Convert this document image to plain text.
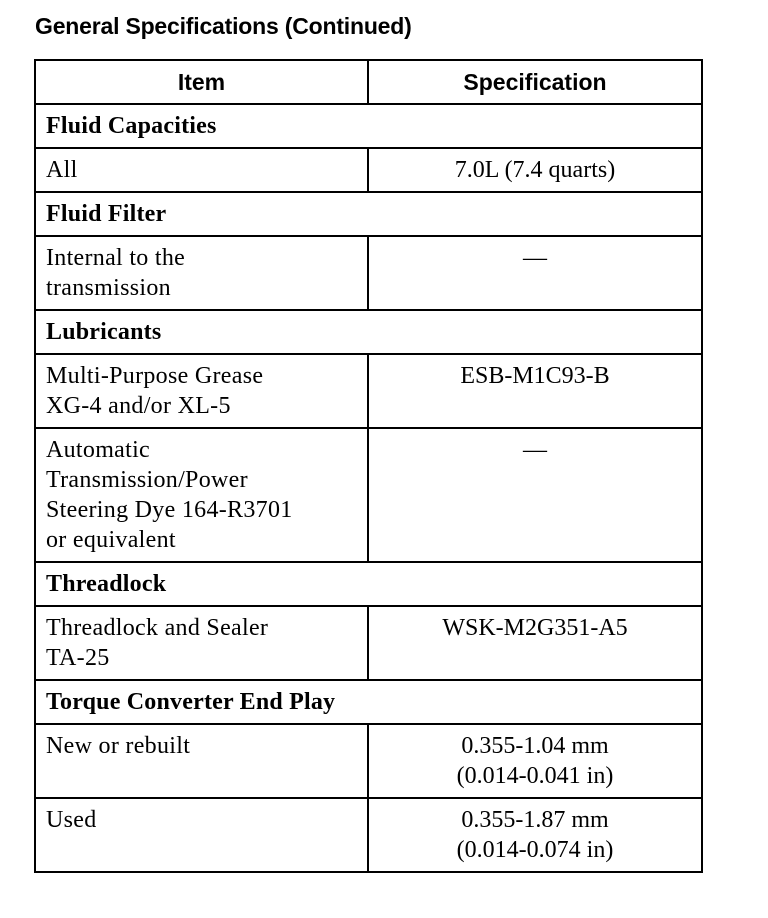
General Specifications (Continued)
Item	Specification
Fluid Capacities	
All	7.0L (7.4 quarts)
Fluid Filter	
Internal to the
transmission	—
Lubricants	
Multi-Purpose Grease
XG-4 and/or XL-5	ESB-M1C93-B
Automatic
Transmission/Power
Steering Dye 164-R3701
or equivalent	—
Threadlock	
Threadlock and Sealer
TA-25	WSK-M2G351-A5
Torque Converter End Play	
New or rebuilt	0.355-1.04 mm
(0.014-0.041 in)
Used	0.355-1.87 mm
(0.014-0.074 in)
